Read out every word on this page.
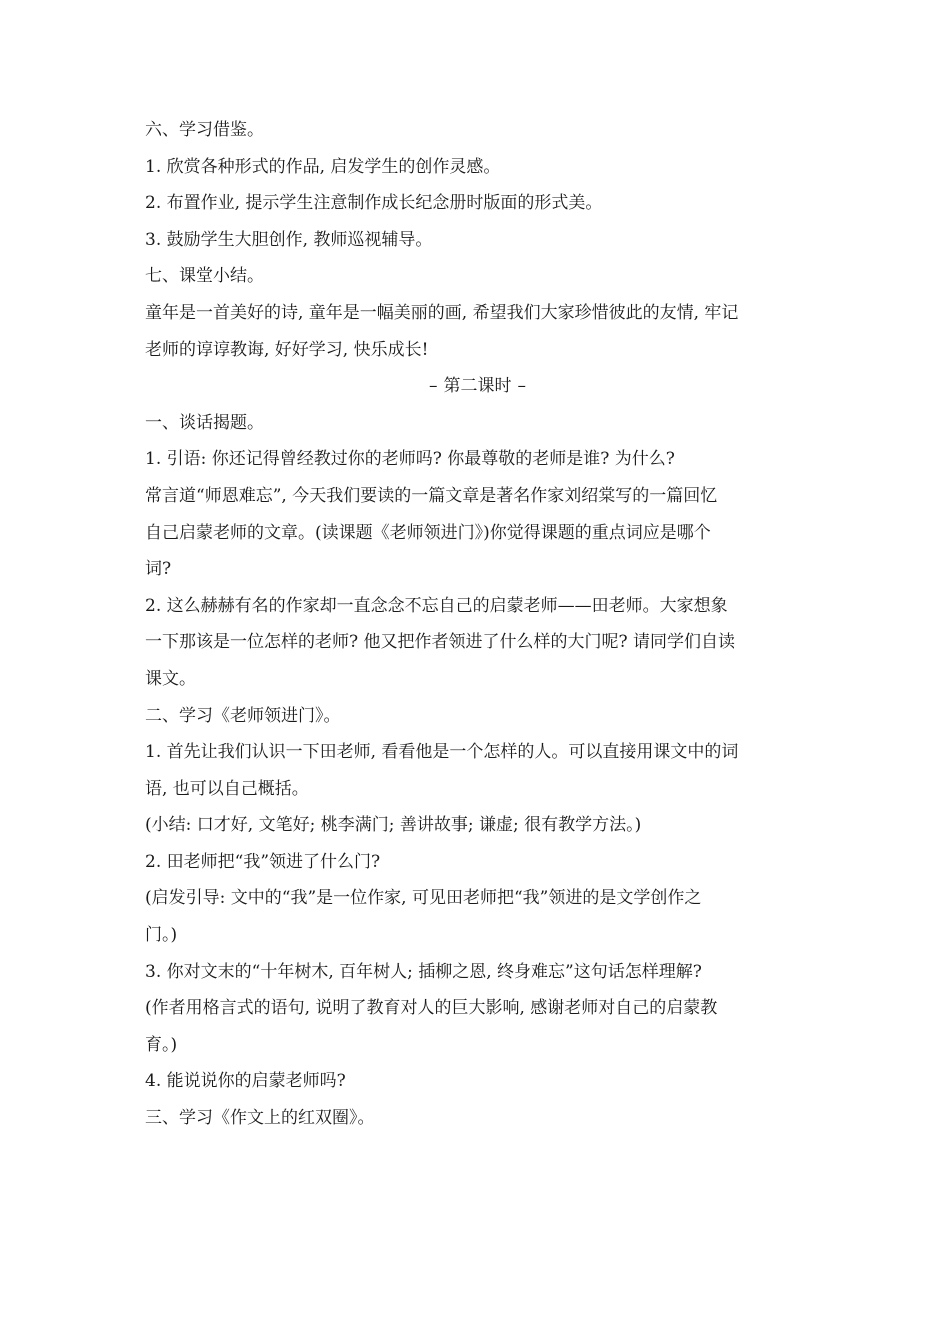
六、学习借鉴。
1. 欣赏各种形式的作品, 启发学生的创作灵感。
2. 布置作业, 提示学生注意制作成长纪念册时版面的形式美。
3. 鼓励学生大胆创作, 教师巡视辅导。
七、课堂小结。
童年是一首美好的诗, 童年是一幅美丽的画, 希望我们大家珍惜彼此的友情, 牢记
老师的谆谆教诲, 好好学习, 快乐成长!
– 第二课时 –
一、谈话揭题。
1. 引语: 你还记得曾经教过你的老师吗? 你最尊敬的老师是谁? 为什么?
常言道“师恩难忘”, 今天我们要读的一篇文章是著名作家刘绍棠写的一篇回忆
自己启蒙老师的文章。(读课题《老师领进门》)你觉得课题的重点词应是哪个
词?
2. 这么赫赫有名的作家却一直念念不忘自己的启蒙老师——田老师。大家想象
一下那该是一位怎样的老师? 他又把作者领进了什么样的大门呢? 请同学们自读
课文。
二、学习《老师领进门》。
1. 首先让我们认识一下田老师, 看看他是一个怎样的人。可以直接用课文中的词
语, 也可以自己概括。
(小结: 口才好, 文笔好; 桃李满门; 善讲故事; 谦虚; 很有教学方法。)
2. 田老师把“我”领进了什么门?
(启发引导: 文中的“我”是一位作家, 可见田老师把“我”领进的是文学创作之
门。)
3. 你对文末的“十年树木, 百年树人; 插柳之恩, 终身难忘”这句话怎样理解?
(作者用格言式的语句, 说明了教育对人的巨大影响, 感谢老师对自己的启蒙教
育。)
4. 能说说你的启蒙老师吗?
三、学习《作文上的红双圈》。
